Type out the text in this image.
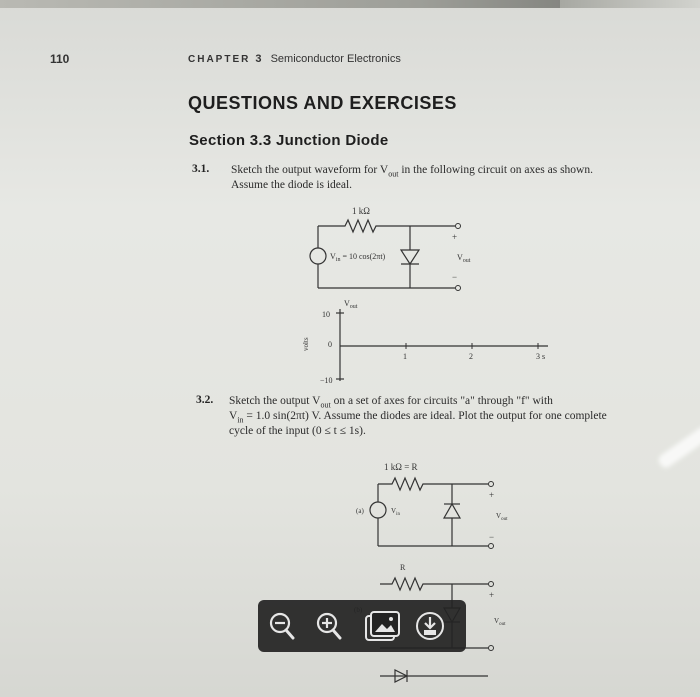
110	CHAPTER 3 Semiconductor Electronics
QUESTIONS AND EXERCISES
Section 3.3 Junction Diode
3.1. Sketch the output waveform for $V_{out}$ in the following circuit on axes as shown.
Assume the diode is ideal.
1 kΩ
+
$V_{in} = 10$ cos(2πt)	$V_{out}$
−
$V_{out}$
10
0
−10
1	2	3 s
volts
3.2. Sketch the output $V_{out}$ on a set of axes for circuits "a" through "f" with
$V_{in} = 1.0$ sin(2πt) V. Assume the diodes are ideal. Plot the output for one complete
cycle of the input (0 ≤ t ≤ 1s).
1 kΩ = R
(a)	$V_{in}$
+
−
$V_{out}$
R
+
$V_{out}$
